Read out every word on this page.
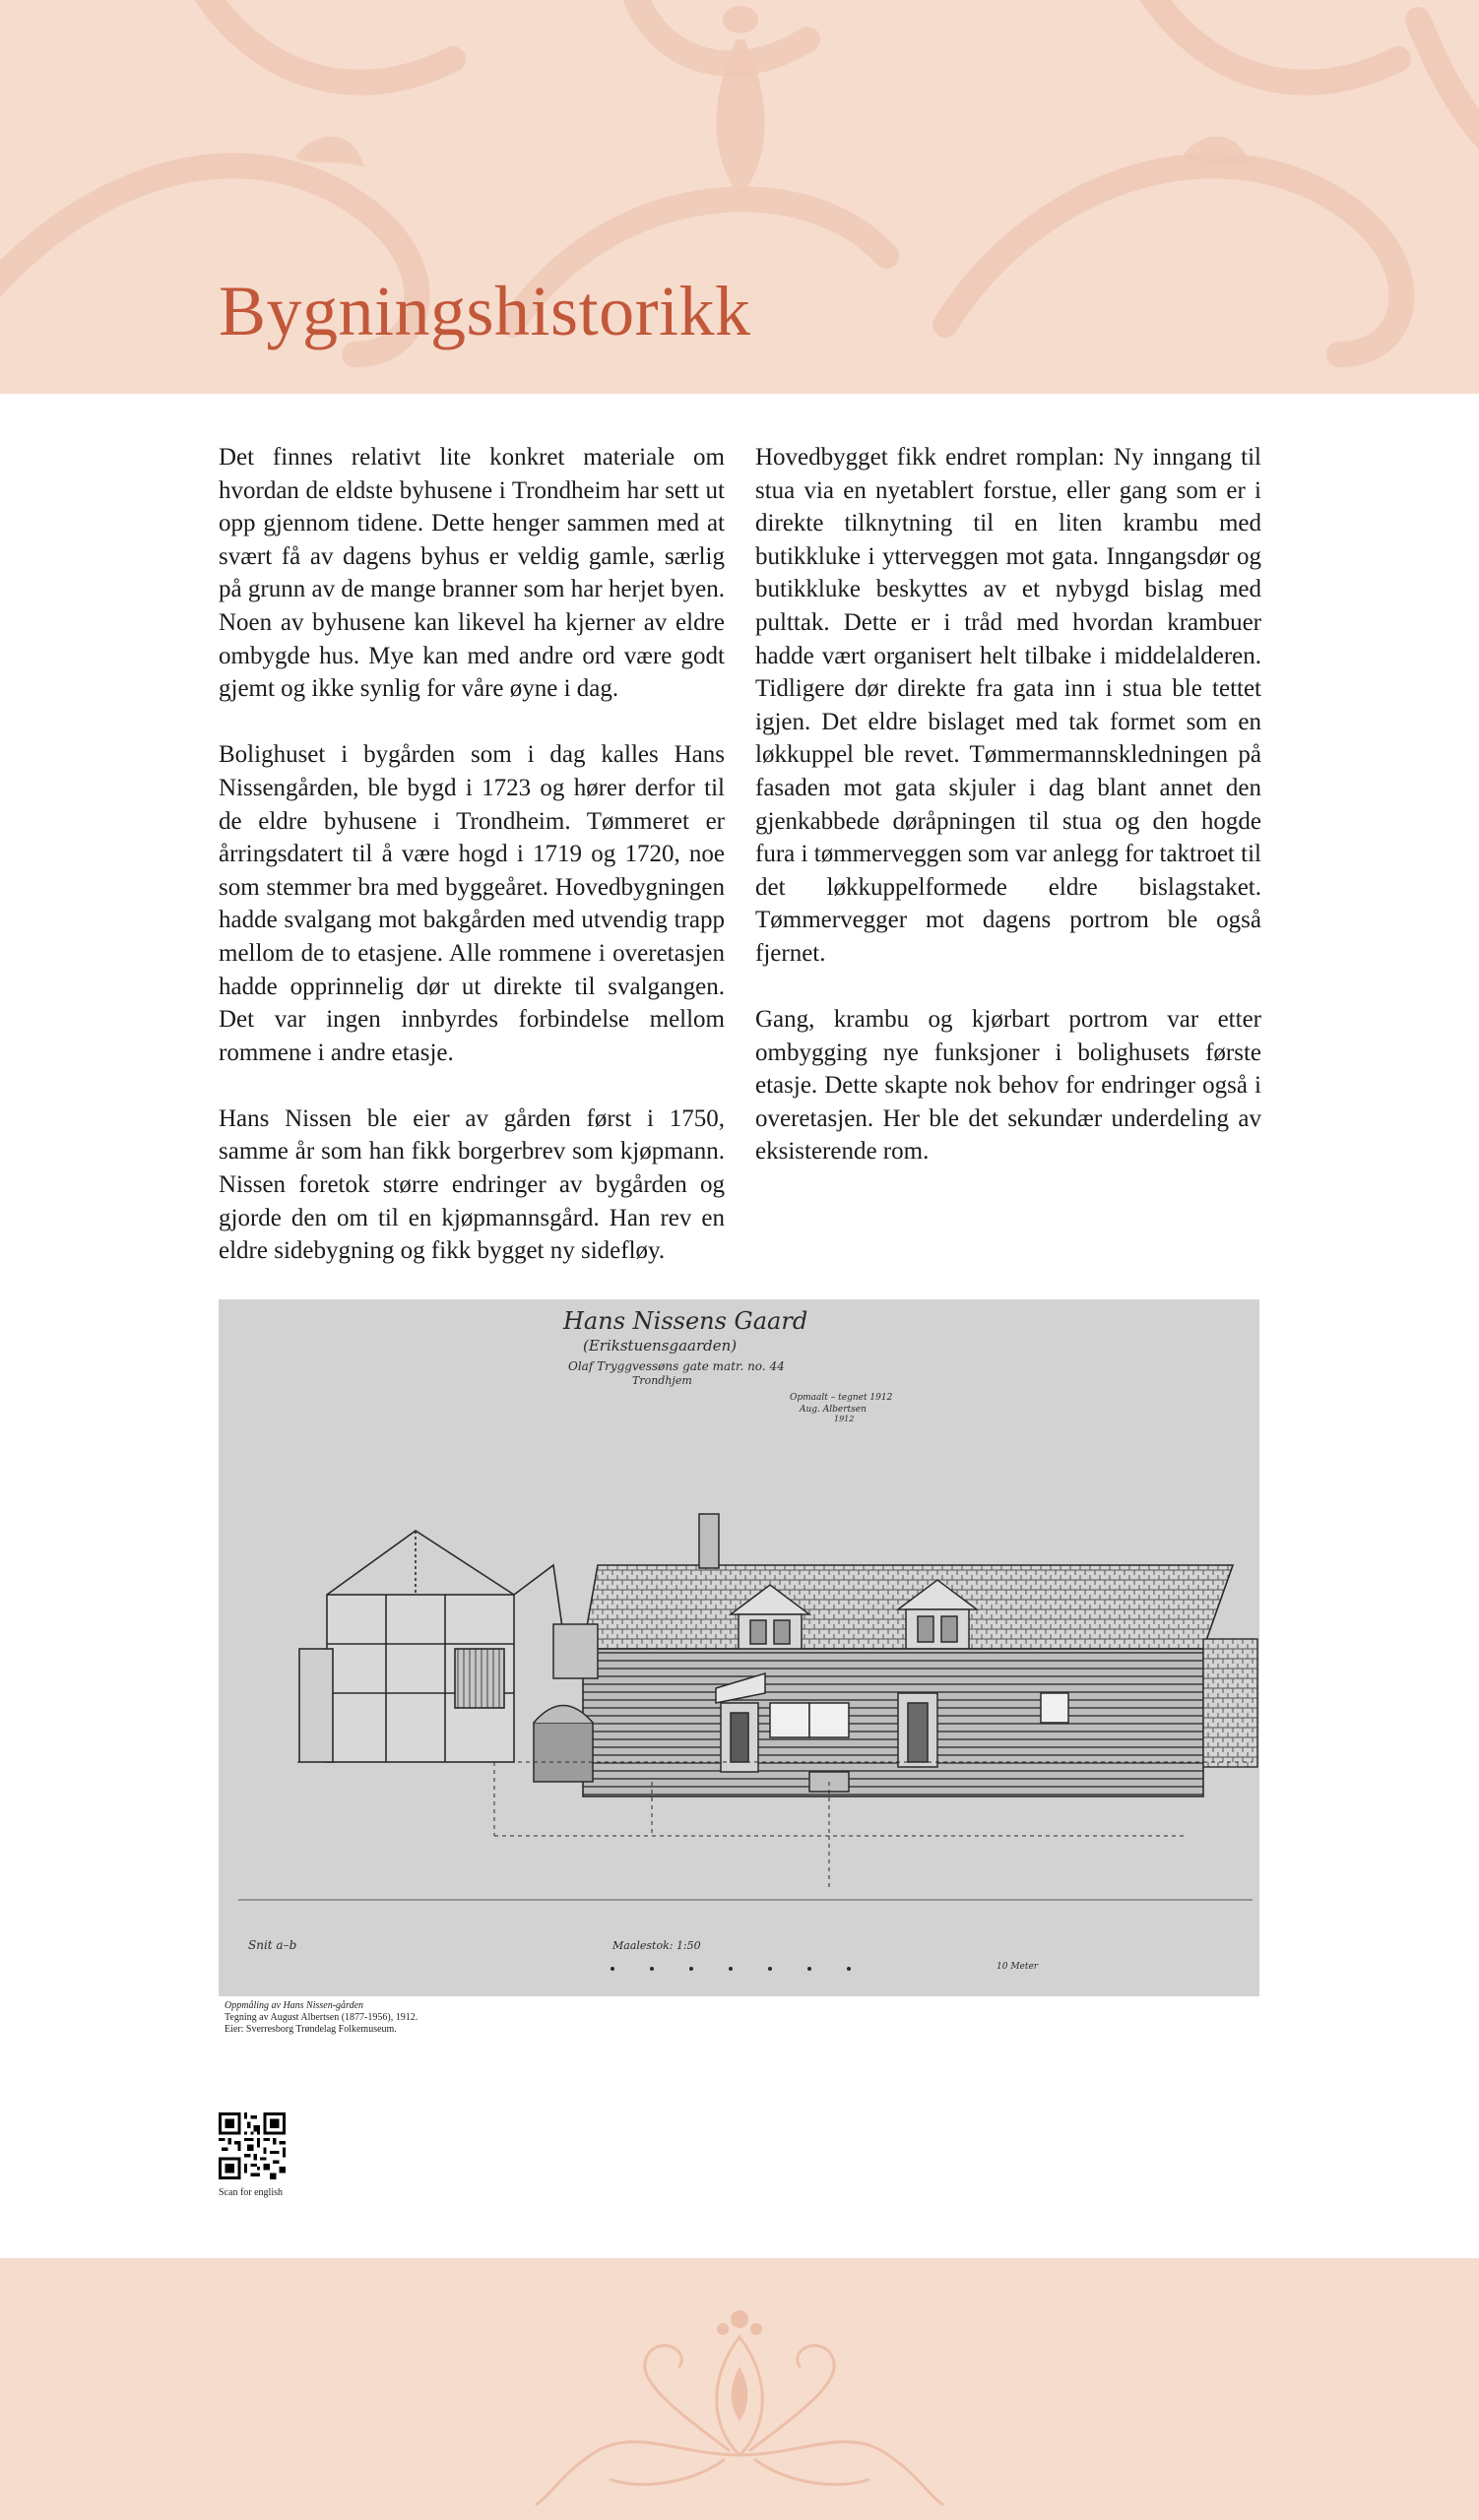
Bygningshistorikk

Det finnes relativt lite konkret materiale om hvordan de eldste byhusene i Trondheim har sett ut opp gjennom tidene. Dette henger sammen med at svært få av dagens byhus er veldig gamle, særlig på grunn av de mange branner som har herjet byen. Noen av byhusene kan likevel ha kjerner av eldre ombygde hus. Mye kan med andre ord være godt gjemt og ikke synlig for våre øyne i dag.

Bolighuset i bygården som i dag kalles Hans Nissengården, ble bygd i 1723 og hører derfor til de eldre byhusene i Trondheim. Tømmeret er årringsdatert til å være hogd i 1719 og 1720, noe som stemmer bra med byggeåret. Hovedbygningen hadde svalgang mot bakgården med utvendig trapp mellom de to etasjene. Alle rommene i overetasjen hadde opprinnelig dør ut direkte til svalgangen. Det var ingen innbyrdes forbindelse mellom rommene i andre etasje.

Hans Nissen ble eier av gården først i 1750, samme år som han fikk borgerbrev som kjøpmann. Nissen foretok større endringer av bygården og gjorde den om til en kjøpmannsgård. Han rev en eldre sidebygning og fikk bygget ny sidefløy.

Hovedbygget fikk endret romplan: Ny inngang til stua via en nyetablert forstue, eller gang som er i direkte tilknytning til en liten krambu med butikkluke i ytterveggen mot gata. Inngangsdør og butikkluke beskyttes av et nybygd bislag med pulttak. Dette er i tråd med hvordan krambuer hadde vært organisert helt tilbake i middelalderen. Tidligere dør direkte fra gata inn i stua ble tettet igjen. Det eldre bislaget med tak formet som en løkkuppel ble revet. Tømmermannskledningen på fasaden mot gata skjuler i dag blant annet den gjenkabbede døråpningen til stua og den hogde fura i tømmerveggen som var anlegg for taktroet til det løkkuppelformede eldre bislagstaket. Tømmervegger mot dagens portrom ble også fjernet.

Gang, krambu og kjørbart portrom var etter ombygging nye funksjoner i bolighusets første etasje. Dette skapte nok behov for endringer også i overetasjen. Her ble det sekundær underdeling av eksisterende rom.

Hans Nissens Gaard
(Erikstuensgaarden)
Olaf Tryggvessøns gate matr. no. 44
Trondhjem
Opmaalt – tegnet 1912
Aug. Albertsen
1912
Snit a–b	Maalestok: 1:50
10 Meter
Oppmåling av Hans Nissen-gården
Tegning av August Albertsen (1877-1956), 1912.
Eier: Sverresborg Trøndelag Folkemuseum.
Scan for english
